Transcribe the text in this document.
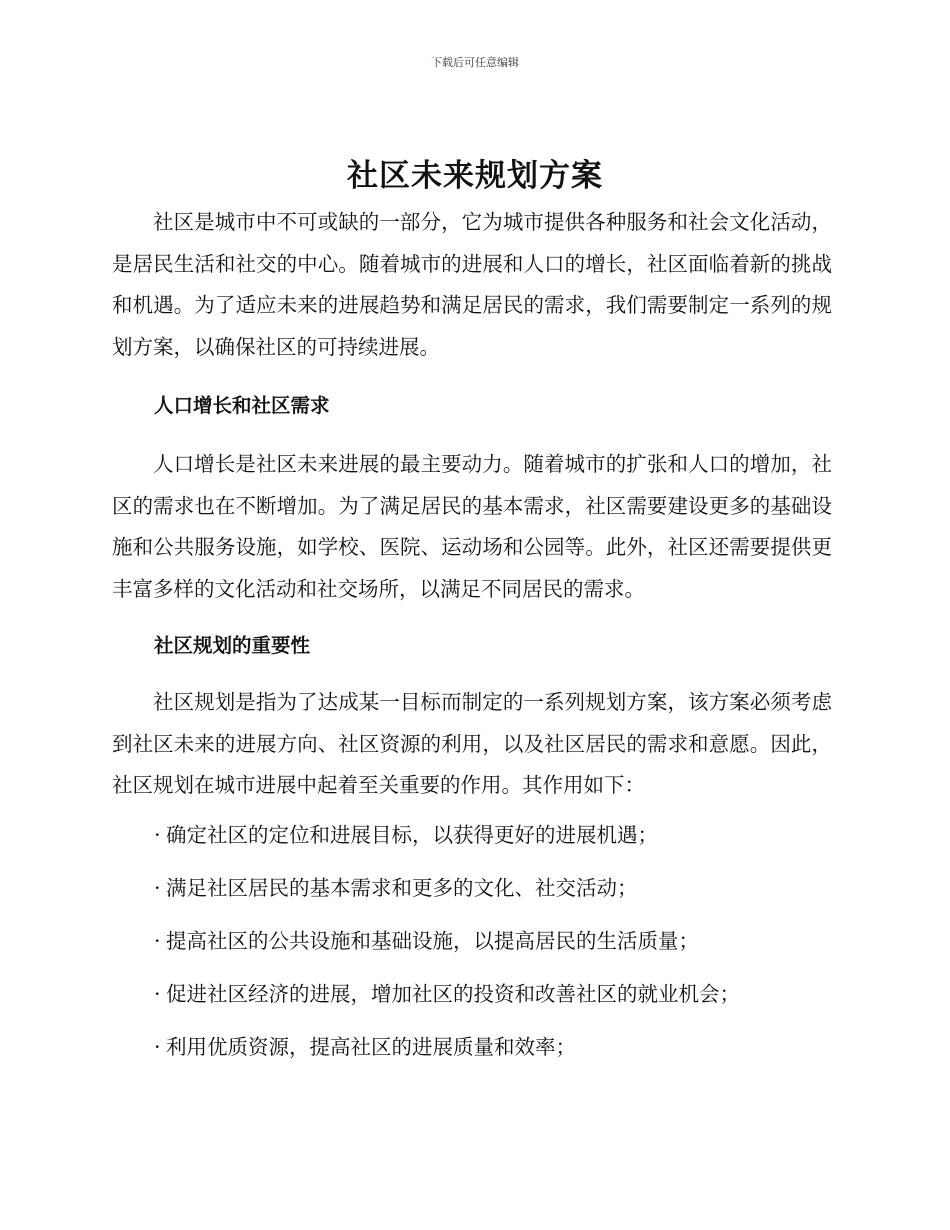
下载后可任意编辑
社区未来规划方案

社区是城市中不可或缺的一部分，它为城市提供各种服务和社会文化活动，是居民生活和社交的中心。随着城市的进展和人口的增长，社区面临着新的挑战和机遇。为了适应未来的进展趋势和满足居民的需求，我们需要制定一系列的规划方案，以确保社区的可持续进展。

人口增长和社区需求

人口增长是社区未来进展的最主要动力。随着城市的扩张和人口的增加，社区的需求也在不断增加。为了满足居民的基本需求，社区需要建设更多的基础设施和公共服务设施，如学校、医院、运动场和公园等。此外，社区还需要提供更丰富多样的文化活动和社交场所，以满足不同居民的需求。

社区规划的重要性

社区规划是指为了达成某一目标而制定的一系列规划方案，该方案必须考虑到社区未来的进展方向、社区资源的利用，以及社区居民的需求和意愿。因此，社区规划在城市进展中起着至关重要的作用。其作用如下：

· 确定社区的定位和进展目标，以获得更好的进展机遇；
· 满足社区居民的基本需求和更多的文化、社交活动；
· 提高社区的公共设施和基础设施，以提高居民的生活质量；
· 促进社区经济的进展，增加社区的投资和改善社区的就业机会；
· 利用优质资源，提高社区的进展质量和效率；
